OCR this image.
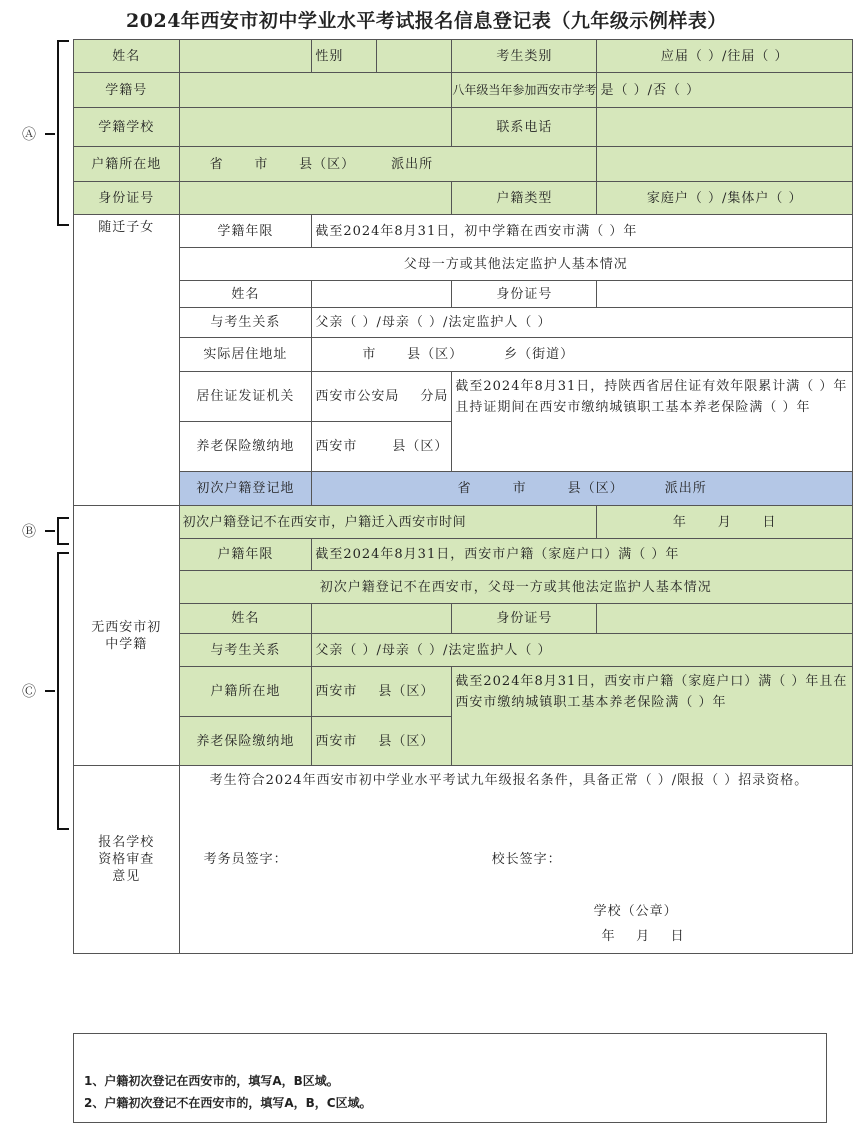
2024年西安市初中学业水平考试报名信息登记表（九年级示例样表）
Ⓐ
Ⓑ
Ⓒ
姓名		性别		考生类别	应届（ ）/往届（ ）
学籍号				八年级当年参加西安市学考	是（ ）/否（ ）
学籍学校				联系电话	
户籍所在地	省      市      县（区）       派出所				
身份证号				户籍类型	家庭户（ ）/集体户（ ）
随迁子女	学籍年限	截至2024年8月31日，初中学籍在西安市满（ ）年			
	父母一方或其他法定监护人基本情况				
	姓名			身份证号	
	与考生关系	父亲（ ）/母亲（ ）/法定监护人（ ）			
	实际居住地址	市      县（区）        乡（街道）			
	居住证发证机关	西安市公安局 分局		截至2024年8月31日，持陕西省居住证有效年限累计满（ ）年且持证期间在西安市缴纳城镇职工基本养老保险满（ ）年	
	养老保险缴纳地	西安市 县（区）			

	初次户籍登记地	省        市        县（区）        派出所			
无西安市初中学籍	初次户籍登记不在西安市，户籍迁入西安市时间				年      月      日
	户籍年限	截至2024年8月31日，西安市户籍（家庭户口）满（ ）年			
	初次户籍登记不在西安市，父母一方或其他法定监护人基本情况				
	姓名			身份证号	
	与考生关系	父亲（ ）/母亲（ ）/法定监护人（ ）			
	户籍所在地	西安市 县（区）		截至2024年8月31日，西安市户籍（家庭户口）满（ ）年且在西安市缴纳城镇职工基本养老保险满（ ）年	
	养老保险缴纳地	西安市 县（区）			

报名学校资格审查意见	考生符合2024年西安市初中学业水平考试九年级报名条件，具备正常（ ）/限报（ ）招录资格。
考务员签字： 校长签字：
学校（公章）
年    月    日				
1、户籍初次登记在西安市的，填写A，B区域。
2、户籍初次登记不在西安市的，填写A，B，C区域。
